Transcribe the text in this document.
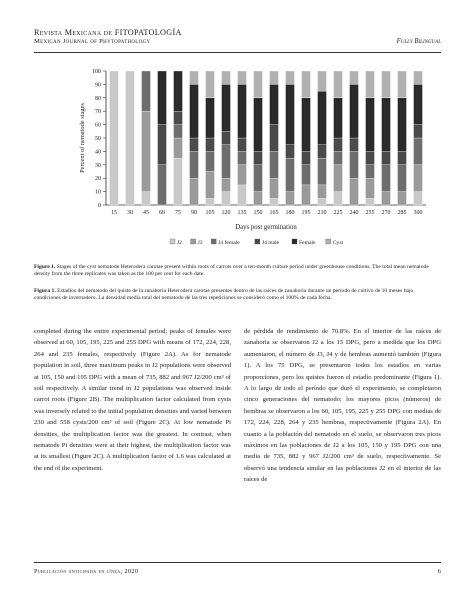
Revista Mexicana de FITOPATOLOGÍA
Mexican Journal of Phytopathology	Fully Bilingual
0
10
20
30
40
50
60
70
80
90
100
Percent of nematode stages
Days post germination
15 30 45 60 75 90 105 120 135 150 165 180 195 210 225 240 255 270 285 300
J2	J3	J4 female	J4 male	Female	Cyst
Figure 1. Stages of the cyst nematode Heterodera carotae present within roots of carrots over a ten-month culture period under greenhouse conditions. The total mean nematode density from the three replicates was taken as the 100 per cent for each date.
Figura 1. Estadíos del nematodo del quiste de la zanahoria Heterodera carotae presentes dentro de las raíces de zanahoria durante un período de cultivo de 10 meses bajo condiciones de invernadero. La densidad media total del nematodo de las tres repeticiones se consideró como el 100% de cada fecha.

completed during the entire experimental period; peaks of females were observed at 60, 105, 195, 225 and 255 DPG with means of 172, 224, 228, 264 and 235 females, respectively (Figure 2A). As for nematode population in soil, three maximum peaks in J2 populations were observed at 105, 150 and 195 DPG with a mean of 735, 882 and 967 J2/200 cm³ of soil respectively. A similar trend in J2 populations was observed inside carrot roots (Figure 2B). The multiplication factor calculated from cysts was inversely related to the initial population densities and varied between 230 and 558 cysts/200 cm³ of soil (Figure 2C). At low nematode Pi densities, the multiplication factor was the greatest. In contrast, when nematode Pi densities were at their highest, the multiplication factor was at its smallest (Figure 2C). A multiplication factor of 1.6 was calculated at the end of the experiment.

de pérdida de rendimiento de 70.8%. En el interior de las raíces de zanahoria se observaron J2 a los 15 DPG, pero a medida que los DPG aumentaron, el número de J3, J4 y de hembras aumentó también (Figura 1). A los 75 DPG, se presentaron todos los estadíos en varias proporciones, pero los quistes fueron el estadío predominante (Figura 1). A lo largo de todo el período que duró el experimento, se completaron cinco generaciones del nematodo; los mayores picos (números) de hembras se observaron a los 60, 105, 195, 225 y 255 DPG con medias de 172, 224, 228, 264 y 235 hembras, respectivamente (Figura 2A). En cuanto a la población del nematodo en el suelo, se observaron tres picos máximos en las poblaciones de J2 a los 105, 150 y 195 DPG con una media de 735, 882 y 967 J2/200 cm³ de suelo, respectivamente. Se observó una tendencia similar en las poblaciones J2 en el interior de las raíces de

Publicación anticipada en línea, 2020	6
